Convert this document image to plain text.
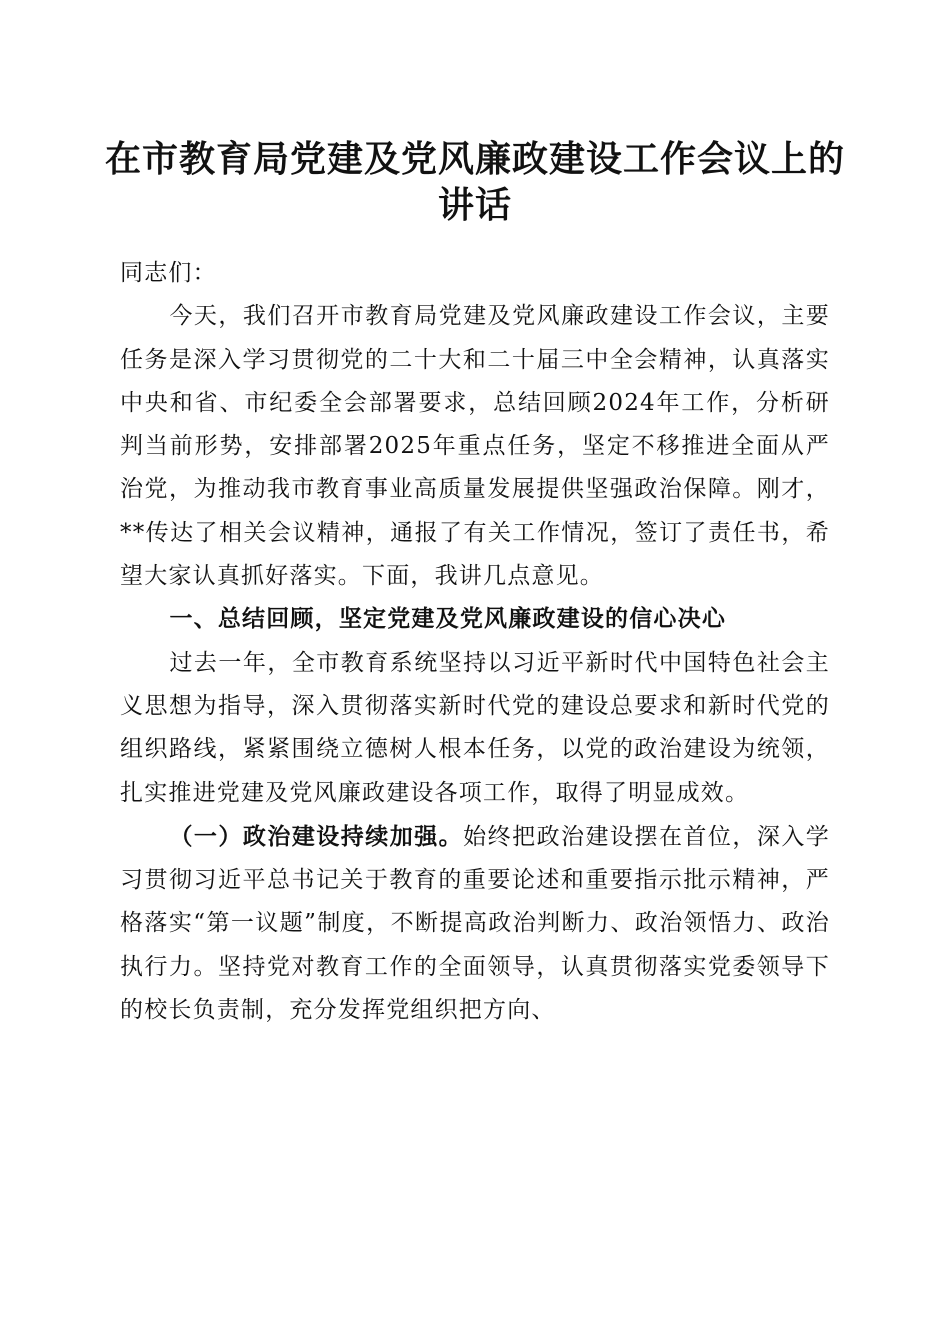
在市教育局党建及党风廉政建设工作会议上的
讲话

同志们：

今天，我们召开市教育局党建及党风廉政建设工作会议，主要任务是深入学习贯彻党的二十大和二十届三中全会精神，认真落实中央和省、市纪委全会部署要求，总结回顾2024年工作，分析研判当前形势，安排部署2025年重点任务，坚定不移推进全面从严治党，为推动我市教育事业高质量发展提供坚强政治保障。刚才，**传达了相关会议精神，通报了有关工作情况，签订了责任书，希望大家认真抓好落实。下面，我讲几点意见。

一、总结回顾，坚定党建及党风廉政建设的信心决心

过去一年，全市教育系统坚持以习近平新时代中国特色社会主义思想为指导，深入贯彻落实新时代党的建设总要求和新时代党的组织路线，紧紧围绕立德树人根本任务，以党的政治建设为统领，扎实推进党建及党风廉政建设各项工作，取得了明显成效。

（一）政治建设持续加强。始终把政治建设摆在首位，深入学习贯彻习近平总书记关于教育的重要论述和重要指示批示精神，严格落实“第一议题”制度，不断提高政治判断力、政治领悟力、政治执行力。坚持党对教育工作的全面领导，认真贯彻落实党委领导下的校长负责制，充分发挥党组织把方向、
